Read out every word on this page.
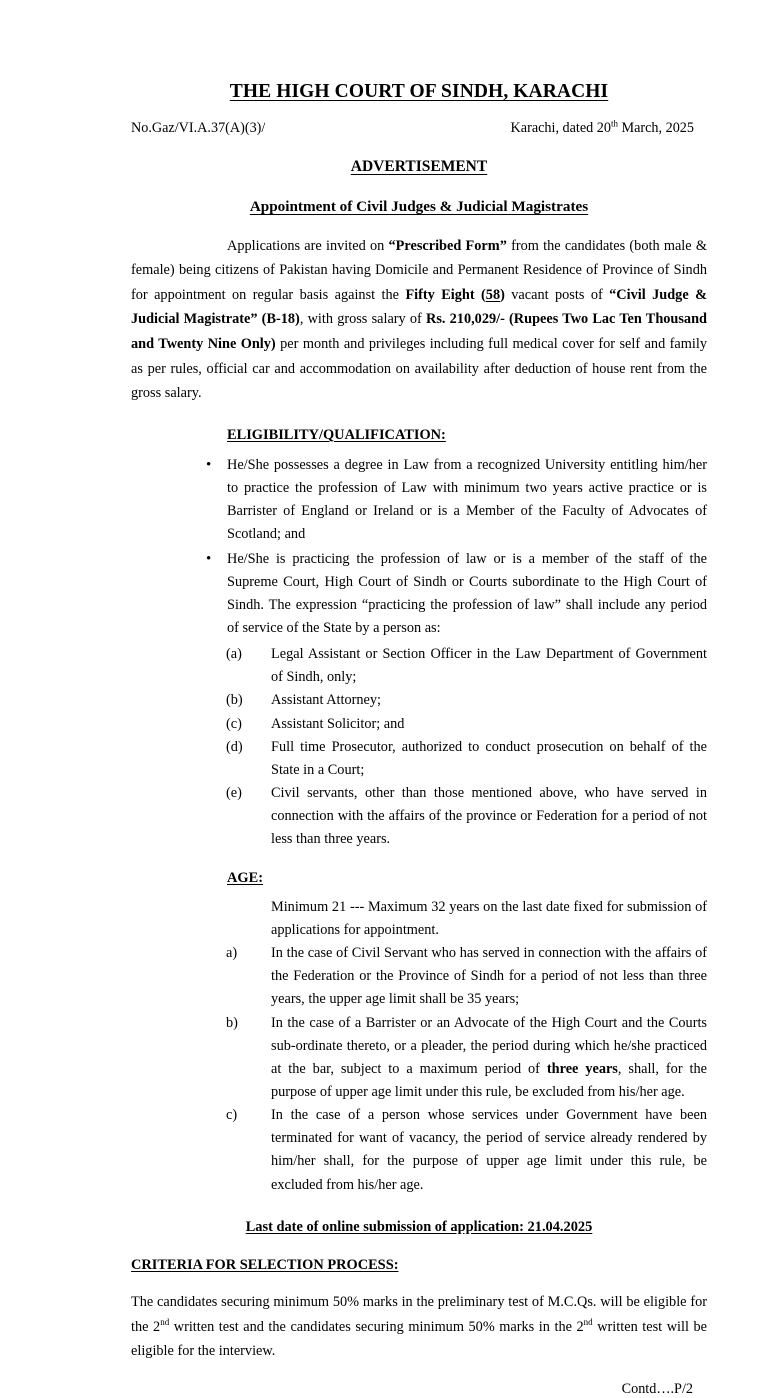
THE HIGH COURT OF SINDH, KARACHI
No.Gaz/VI.A.37(A)(3)/	Karachi, dated 20th March, 2025
ADVERTISEMENT
Appointment of Civil Judges & Judicial Magistrates

Applications are invited on “Prescribed Form” from the candidates (both male & female) being citizens of Pakistan having Domicile and Permanent Residence of Province of Sindh for appointment on regular basis against the Fifty Eight (58) vacant posts of “Civil Judge & Judicial Magistrate” (B-18), with gross salary of Rs. 210,029/- (Rupees Two Lac Ten Thousand and Twenty Nine Only) per month and privileges including full medical cover for self and family as per rules, official car and accommodation on availability after deduction of house rent from the gross salary.

ELIGIBILITY/QUALIFICATION:
• He/She possesses a degree in Law from a recognized University entitling him/her to practice the profession of Law with minimum two years active practice or is Barrister of England or Ireland or is a Member of the Faculty of Advocates of Scotland; and
• He/She is practicing the profession of law or is a member of the staff of the Supreme Court, High Court of Sindh or Courts subordinate to the High Court of Sindh. The expression “practicing the profession of law” shall include any period of service of the State by a person as:
(a)	Legal Assistant or Section Officer in the Law Department of Government of Sindh, only;
(b)	Assistant Attorney;
(c)	Assistant Solicitor; and
(d)	Full time Prosecutor, authorized to conduct prosecution on behalf of the State in a Court;
(e)	Civil servants, other than those mentioned above, who have served in connection with the affairs of the province or Federation for a period of not less than three years.
AGE:
Minimum 21 --- Maximum 32 years on the last date fixed for submission of applications for appointment.
a)	In the case of Civil Servant who has served in connection with the affairs of the Federation or the Province of Sindh for a period of not less than three years, the upper age limit shall be 35 years;
b)	In the case of a Barrister or an Advocate of the High Court and the Courts sub-ordinate thereto, or a pleader, the period during which he/she practiced at the bar, subject to a maximum period of three years, shall, for the purpose of upper age limit under this rule, be excluded from his/her age.
c)	In the case of a person whose services under Government have been terminated for want of vacancy, the period of service already rendered by him/her shall, for the purpose of upper age limit under this rule, be excluded from his/her age.
Last date of online submission of application: 21.04.2025
CRITERIA FOR SELECTION PROCESS:

The candidates securing minimum 50% marks in the preliminary test of M.C.Qs. will be eligible for the 2nd written test and the candidates securing minimum 50% marks in the 2nd written test will be eligible for the interview.

Contd….P/2
